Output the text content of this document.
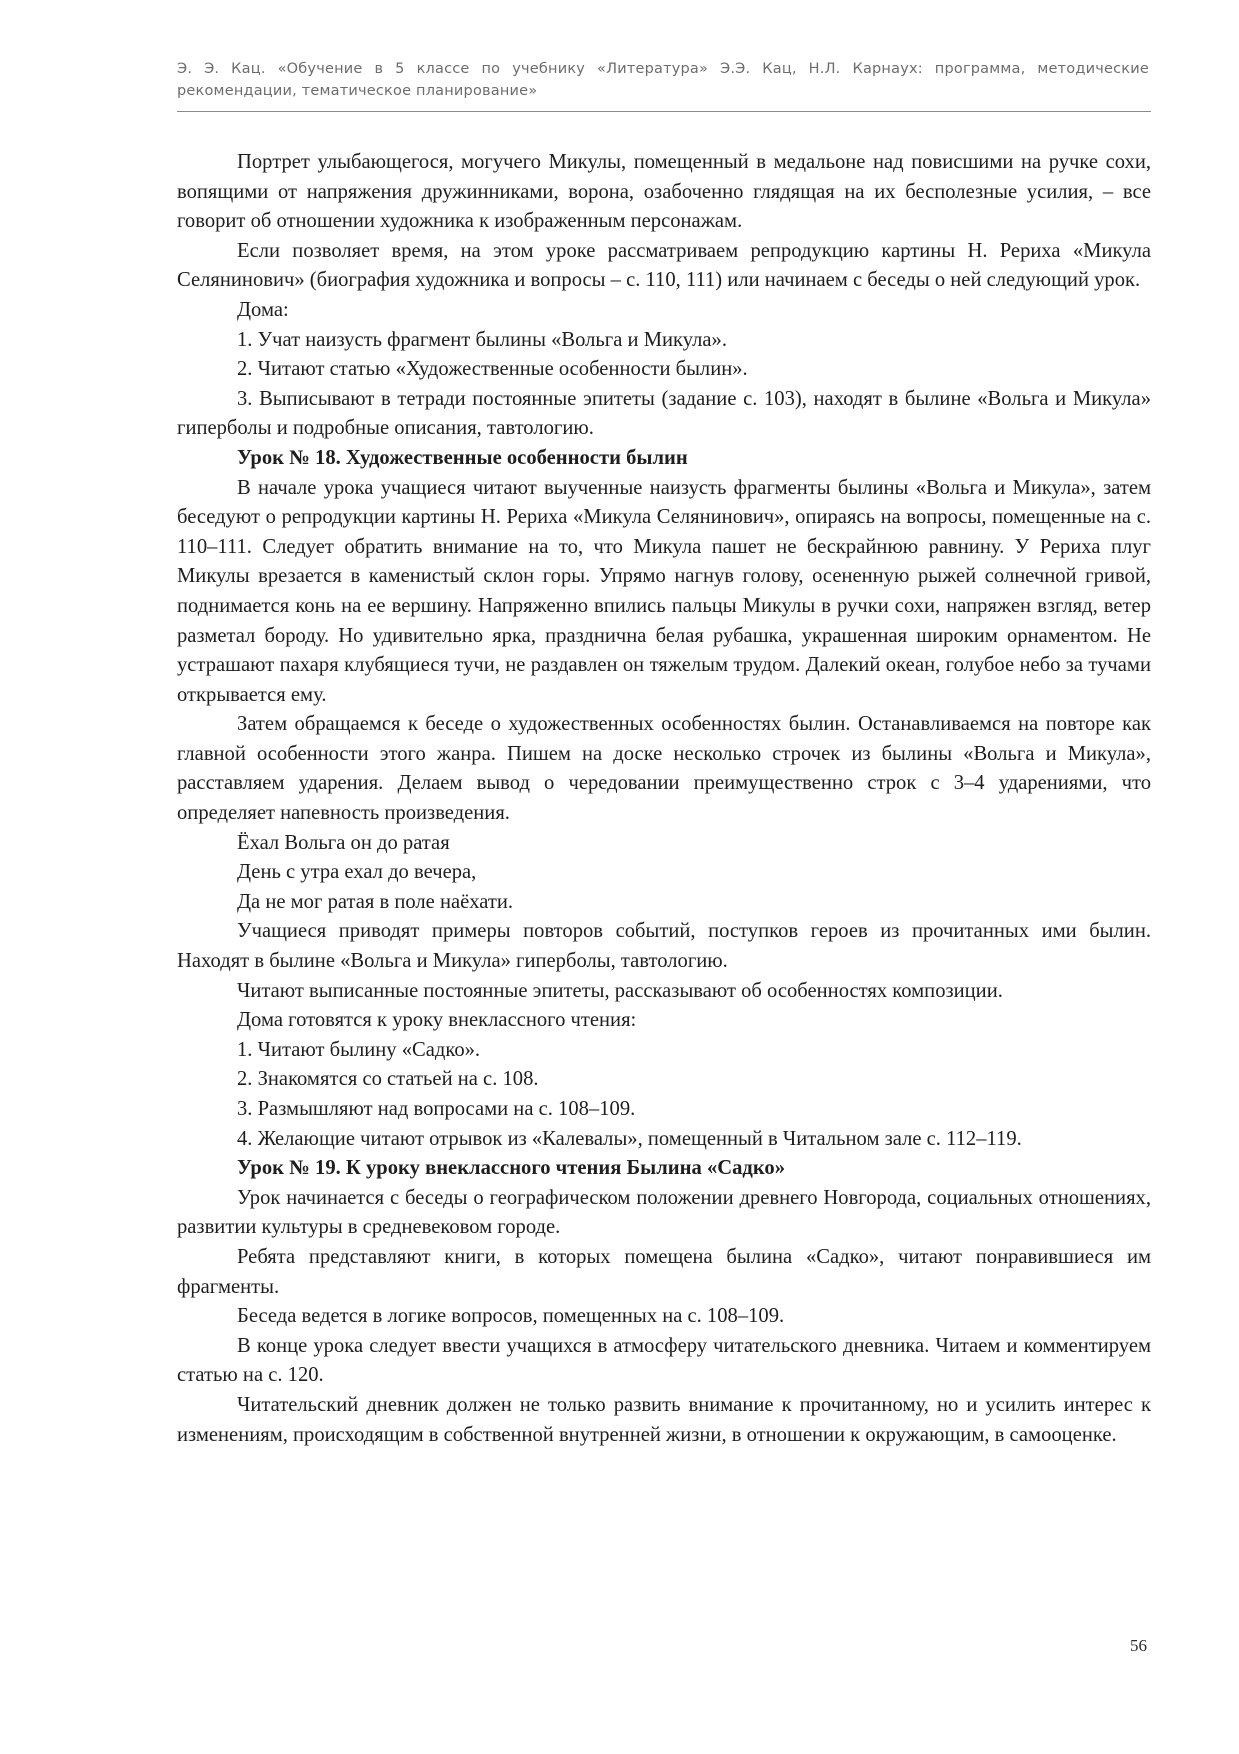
Э. Э. Кац. «Обучение в 5 классе по учебнику «Литература» Э.Э. Кац, Н.Л. Карнаух: программа, методические рекомендации, тематическое планирование»

Портрет улыбающегося, могучего Микулы, помещенный в медальоне над повисшими на ручке сохи, вопящими от напряжения дружинниками, ворона, озабоченно глядящая на их бесполезные усилия, – все говорит об отношении художника к изображенным персонажам.

Если позволяет время, на этом уроке рассматриваем репродукцию картины Н. Рериха «Микула Селянинович» (биография художника и вопросы – с. 110, 111) или начинаем с беседы о ней следующий урок.

Дома:

1. Учат наизусть фрагмент былины «Вольга и Микула».

2. Читают статью «Художественные особенности былин».

3. Выписывают в тетради постоянные эпитеты (задание с. 103), находят в былине «Вольга и Микула» гиперболы и подробные описания, тавтологию.

Урок № 18. Художественные особенности былин

В начале урока учащиеся читают выученные наизусть фрагменты былины «Вольга и Микула», затем беседуют о репродукции картины Н. Рериха «Микула Селянинович», опираясь на вопросы, помещенные на с. 110–111. Следует обратить внимание на то, что Микула пашет не бескрайнюю равнину. У Рериха плуг Микулы врезается в каменистый склон горы. Упрямо нагнув голову, осененную рыжей солнечной гривой, поднимается конь на ее вершину. Напряженно впились пальцы Микулы в ручки сохи, напряжен взгляд, ветер разметал бороду. Но удивительно ярка, празднична белая рубашка, украшенная широким орнаментом. Не устрашают пахаря клубящиеся тучи, не раздавлен он тяжелым трудом. Далекий океан, голубое небо за тучами открывается ему.

Затем обращаемся к беседе о художественных особенностях былин. Останавливаемся на повторе как главной особенности этого жанра. Пишем на доске несколько строчек из былины «Вольга и Микула», расставляем ударения. Делаем вывод о чередовании преимущественно строк с 3–4 ударениями, что определяет напевность произведения.

Ёхал Вольга он до ратая

День с утра ехал до вечера,

Да не мог ратая в поле наёхати.

Учащиеся приводят примеры повторов событий, поступков героев из прочитанных ими былин. Находят в былине «Вольга и Микула» гиперболы, тавтологию.

Читают выписанные постоянные эпитеты, рассказывают об особенностях композиции.

Дома готовятся к уроку внеклассного чтения:

1. Читают былину «Садко».

2. Знакомятся со статьей на с. 108.

3. Размышляют над вопросами на с. 108–109.

4. Желающие читают отрывок из «Калевалы», помещенный в Читальном зале с. 112–119.

Урок № 19. К уроку внеклассного чтения Былина «Садко»

Урок начинается с беседы о географическом положении древнего Новгорода, социальных отношениях, развитии культуры в средневековом городе.

Ребята представляют книги, в которых помещена былина «Садко», читают понравившиеся им фрагменты.

Беседа ведется в логике вопросов, помещенных на с. 108–109.

В конце урока следует ввести учащихся в атмосферу читательского дневника. Читаем и комментируем статью на с. 120.

Читательский дневник должен не только развить внимание к прочитанному, но и усилить интерес к изменениям, происходящим в собственной внутренней жизни, в отношении к окружающим, в самооценке.

56
